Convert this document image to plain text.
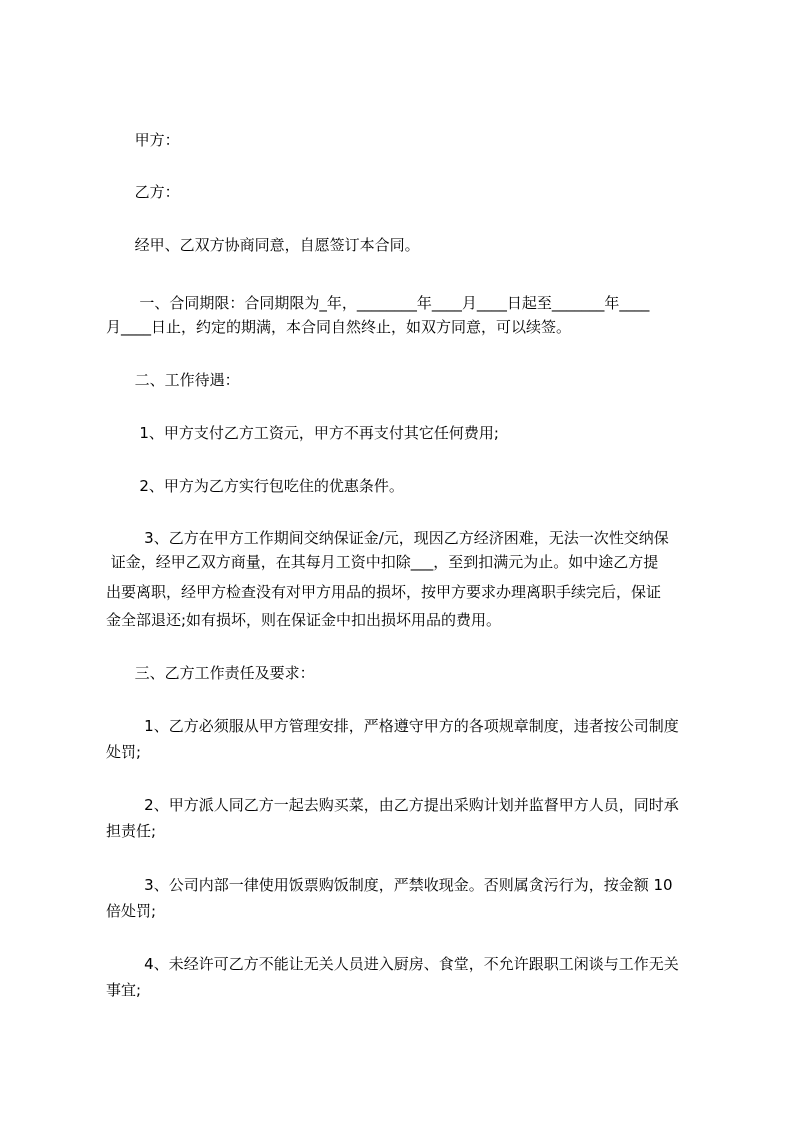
甲方：

乙方：

经甲、乙双方协商同意，自愿签订本合同。

一、合同期限：合同期限为_年，________年____月____日起至_______年____

月____日止，约定的期满，本合同自然终止，如双方同意，可以续签。

二、工作待遇：

1、甲方支付乙方工资元，甲方不再支付其它任何费用;

2、甲方为乙方实行包吃住的优惠条件。

3、乙方在甲方工作期间交纳保证金/元，现因乙方经济困难，无法一次性交纳保

证金，经甲乙双方商量，在其每月工资中扣除___，至到扣满元为止。如中途乙方提

出要离职，经甲方检查没有对甲方用品的损坏，按甲方要求办理离职手续完后，保证

金全部退还;如有损坏，则在保证金中扣出损坏用品的费用。

三、乙方工作责任及要求：

1、乙方必须服从甲方管理安排，严格遵守甲方的各项规章制度，违者按公司制度

处罚;

2、甲方派人同乙方一起去购买菜，由乙方提出采购计划并监督甲方人员，同时承

担责任;

3、公司内部一律使用饭票购饭制度，严禁收现金。否则属贪污行为，按金额 10

倍处罚;

4、未经许可乙方不能让无关人员进入厨房、食堂，不允许跟职工闲谈与工作无关

事宜;
